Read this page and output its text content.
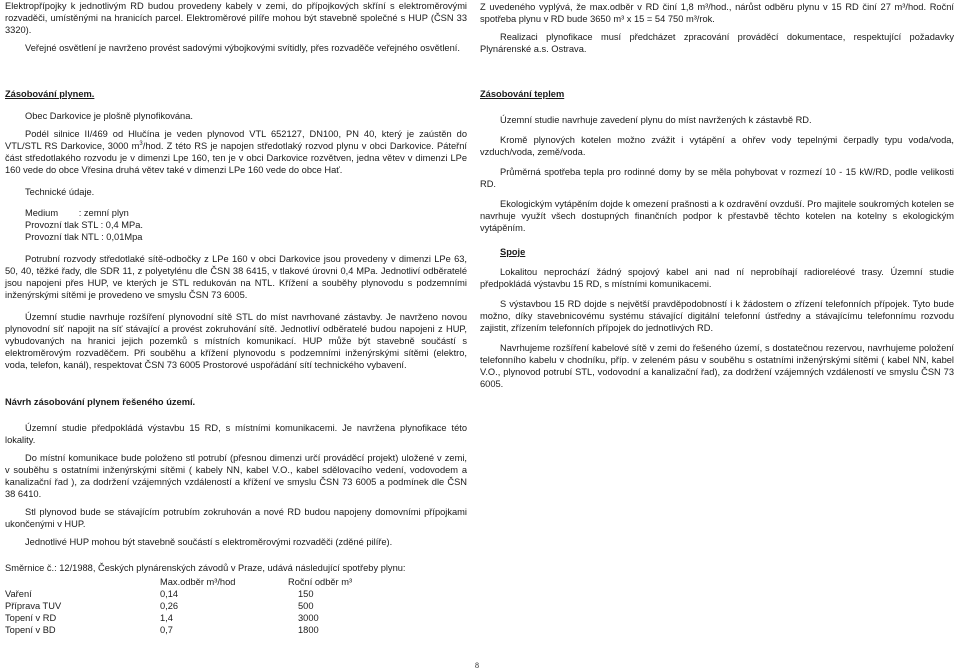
Elektropřípojky k jednotlivým RD budou provedeny kabely v zemi, do přípojkových skříní s elektroměrovými rozvaděči, umístěnými na hranicích parcel. Elektroměrové pilíře mohou být stavebně společné s HUP (ČSN 33 3320).

Veřejné osvětlení je navrženo provést sadovými výbojkovými svítidly, přes rozvaděče veřejného osvětlení.

Zásobování plynem.

Obec Darkovice je plošně plynofikována.

Podél silnice II/469 od Hlučína je veden plynovod VTL 652127, DN100, PN 40, který je zaústěn do VTL/STL RS Darkovice, 3000 $m^3$/hod. Z této RS je napojen středotlaký rozvod plynu v obci Darkovice. Páteřní část středotlakého rozvodu je v dimenzi Lpe 160, ten je v obci Darkovice rozvětven, jedna větev v dimenzi LPe 160 vede do obce Vřesina druhá větev také v dimenzi LPe 160 vede do obce Hať.

Technické údaje.

Medium        : zemní plyn

Provozní tlak STL : 0,4 MPa.

Provozní tlak NTL : 0,01Mpa

Potrubní rozvody středotlaké sítě-odbočky z LPe 160 v obci Darkovice jsou provedeny v dimenzi LPe 63, 50, 40, těžké řady, dle SDR 11, z polyetylénu dle ČSN 38 6415, v tlakové úrovni 0,4 MPa. Jednotliví odběratelé jsou napojeni přes HUP, ve kterých je STL redukován na NTL. Křížení a souběhy plynovodu s podzemními inženýrskými sítěmi je provedeno ve smyslu ČSN 73 6005.

Územní studie navrhuje rozšíření plynovodní sítě STL do míst navrhované zástavby. Je navrženo novou plynovodní síť napojit na síť stávající a provést zokruhování sítě. Jednotliví odběratelé budou napojeni z HUP, vybudovaných na hranici jejich pozemků s místních komunikací. HUP může být stavebně součástí s elektroměrovým rozvaděčem. Při souběhu a křížení plynovodu s podzemními inženýrskými sítěmi (elektro, voda, telefon, kanál), respektovat ČSN 73 6005 Prostorové uspořádání sítí technického vybavení.

Návrh zásobování plynem řešeného území.

Územní studie předpokládá výstavbu 15 RD, s místními komunikacemi. Je navržena plynofikace této lokality.

Do místní komunikace bude položeno stl potrubí (přesnou dimenzi určí prováděcí projekt) uložené v zemi, v souběhu s ostatními inženýrskými sítěmi ( kabely NN, kabel V.O., kabel sdělovacího vedení, vodovodem a kanalizační řad ), za dodržení vzájemných vzdáleností a křížení ve smyslu ČSN 73 6005 a podmínek dle ČSN 38 6410.

Stl plynovod bude se stávajícím potrubím zokruhován a nové RD budou napojeny domovními přípojkami ukončenými v HUP.

Jednotlivé HUP mohou být stavebně součástí s elektroměrovými rozvaděči (zděné pilíře).

Směrnice č.: 12/1988, Českých plynárenských závodů v Praze, udává následující spotřeby plynu:

	Max.odběr m³/hod	Roční odběr m³
Vaření	0,14	150
Příprava TUV	0,26	500
Topení v RD	1,4	3000
Topení v BD	0,7	1800

Z uvedeného vyplývá, že max.odběr v RD činí 1,8 m³/hod., nárůst odběru plynu v 15 RD činí 27 m³/hod. Roční spotřeba plynu v RD bude 3650 m³ x 15 = 54 750 m³/rok.

Realizaci plynofikace musí předcházet zpracování prováděcí dokumentace, respektující požadavky Plynárenské a.s. Ostrava.

Zásobování teplem

Územní studie navrhuje zavedení plynu do míst navržených k zástavbě RD.

Kromě plynových kotelen možno zvážit i vytápění a ohřev vody tepelnými čerpadly typu voda/voda, vzduch/voda, země/voda.

Průměrná spotřeba tepla pro rodinné domy by se měla pohybovat v rozmezí 10 - 15 kW/RD, podle velikosti RD.

Ekologickým vytápěním dojde k omezení prašnosti a k ozdravění ovzduší. Pro majitele soukromých kotelen se navrhuje využít všech dostupných finančních podpor k přestavbě těchto kotelen na kotelny s ekologickým vytápěním.

Spoje

Lokalitou neprochází žádný spojový kabel ani nad ní neprobíhají radioreléové trasy. Územní studie předpokládá výstavbu 15 RD, s místními komunikacemi.

S výstavbou 15 RD dojde s největší pravděpodobností i k žádostem o zřízení telefonních přípojek. Tyto bude možno, díky stavebnicovému systému stávající digitální telefonní ústředny a stávajícímu telefonnímu rozvodu zajistit, zřízením telefonních přípojek do jednotlivých RD.

Navrhujeme rozšíření kabelové sítě v zemi do řešeného území, s dostatečnou rezervou, navrhujeme položení telefonního kabelu v chodníku, příp. v zeleném pásu v souběhu s ostatními inženýrskými sítěmi ( kabel NN, kabel V.O., plynovod potrubí STL, vodovodní a kanalizační řad), za dodržení vzájemných vzdáleností ve smyslu ČSN 73 6005.

8
